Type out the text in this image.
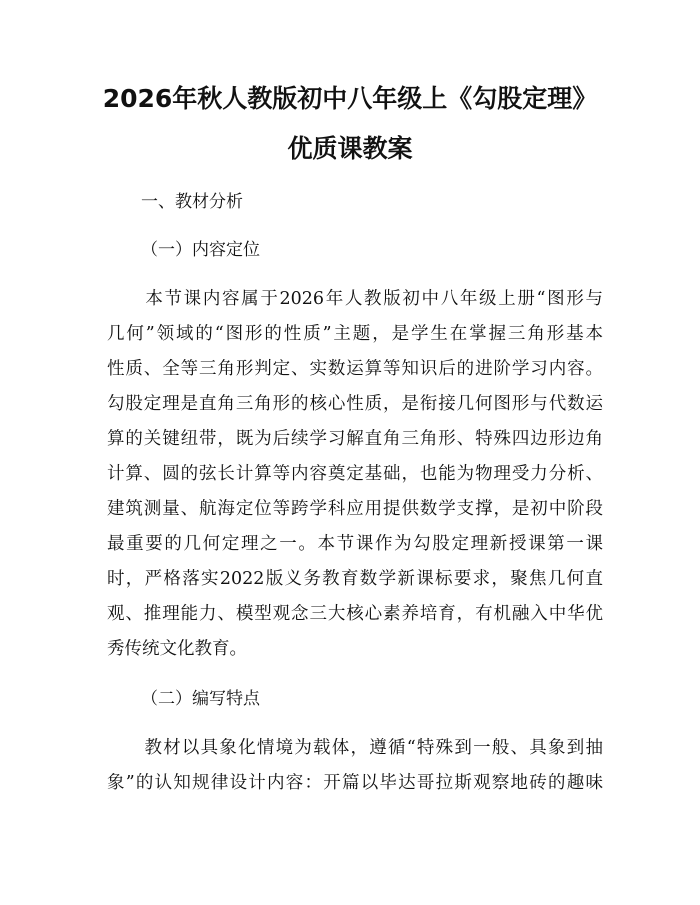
2026年秋人教版初中八年级上《勾股定理》
优质课教案
一、教材分析
（一）内容定位
　　本节课内容属于2026年人教版初中八年级上册“图形与
几何”领域的“图形的性质”主题，是学生在掌握三角形基本
性质、全等三角形判定、实数运算等知识后的进阶学习内容。
勾股定理是直角三角形的核心性质，是衔接几何图形与代数运
算的关键纽带，既为后续学习解直角三角形、特殊四边形边角
计算、圆的弦长计算等内容奠定基础，也能为物理受力分析、
建筑测量、航海定位等跨学科应用提供数学支撑，是初中阶段
最重要的几何定理之一。本节课作为勾股定理新授课第一课
时，严格落实2022版义务教育数学新课标要求，聚焦几何直
观、推理能力、模型观念三大核心素养培育，有机融入中华优
秀传统文化教育。
（二）编写特点
　　教材以具象化情境为载体，遵循“特殊到一般、具象到抽
象”的认知规律设计内容：开篇以毕达哥拉斯观察地砖的趣味
